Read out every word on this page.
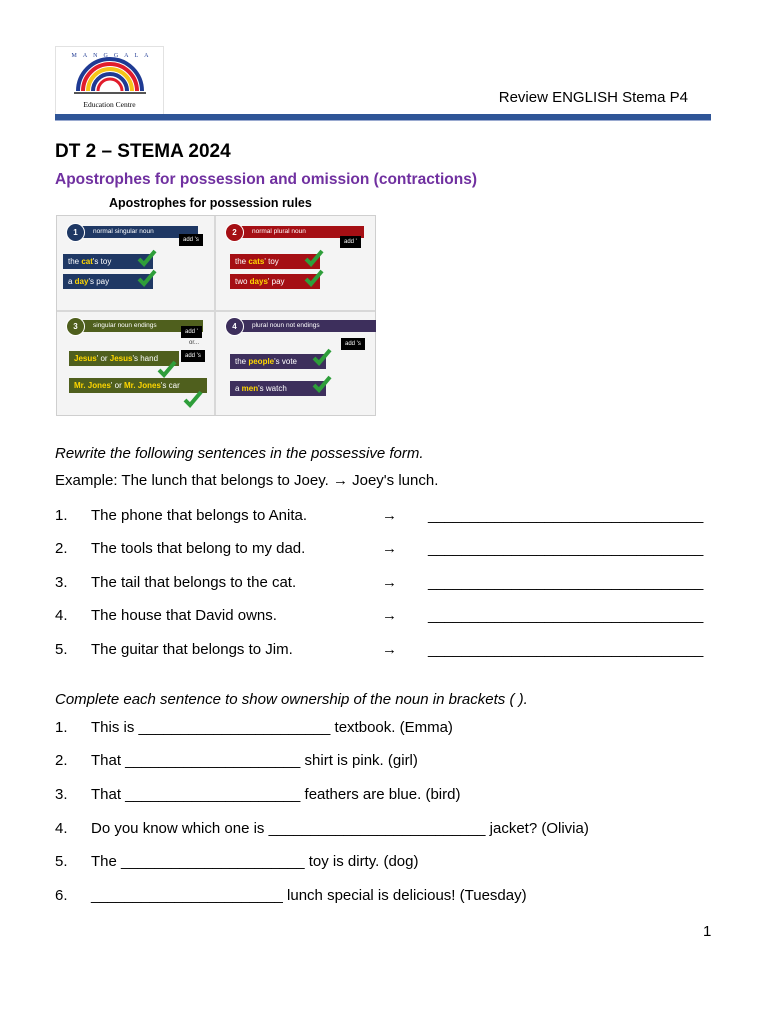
MANGGALA
Education Centre	Review ENGLISH Stema P4
DT 2 – STEMA 2024
Apostrophes for possession and omission (contractions)
Apostrophes for possession rules
1	normal singular noun
add 's
the cat's toy
a day's pay
2	normal plural noun
add '
the cats' toy
two days' pay
3	singular noun endings
add '
or...
add 's
Jesus' or Jesus's hand
Mr. Jones' or Mr. Jones's car
4	plural noun not endings
add 's
the people's vote
a men's watch
Rewrite the following sentences in the possessive form.
Example: The lunch that belongs to Joey. → Joey's lunch.
1. The phone that belongs to Anita.	→ _________________________________
2. The tools that belong to my dad.	→ _________________________________
3. The tail that belongs to the cat.	→ _________________________________
4. The house that David owns.	→ _________________________________
5. The guitar that belongs to Jim.	→ _________________________________
Complete each sentence to show ownership of the noun in brackets ( ).
1. This is _______________________ textbook. (Emma)
2. That _____________________ shirt is pink. (girl)
3. That _____________________ feathers are blue. (bird)
4. Do you know which one is __________________________ jacket? (Olivia)
5. The ______________________ toy is dirty. (dog)
6. _______________________ lunch special is delicious! (Tuesday)
1
